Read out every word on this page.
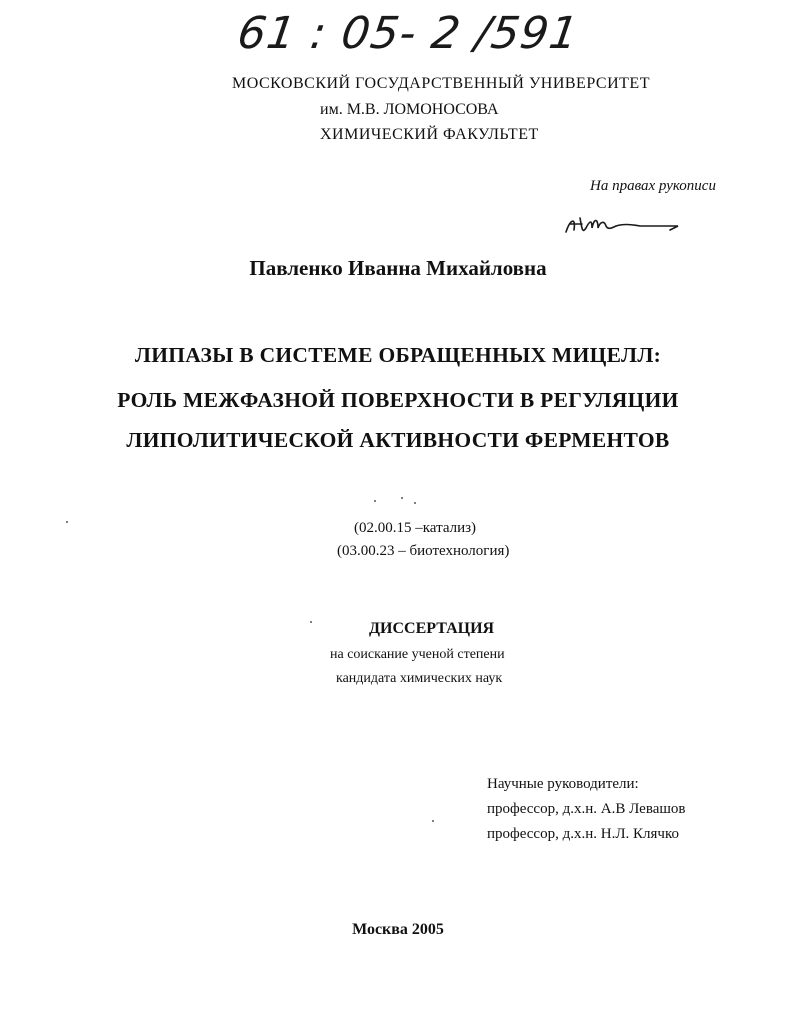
61 : 05- 2 /591
МОСКОВСКИЙ ГОСУДАРСТВЕННЫЙ УНИВЕРСИТЕТ
им. М.В. ЛОМОНОСОВА
ХИМИЧЕСКИЙ ФАКУЛЬТЕТ
На правах рукописи
Павленко Иванна Михайловна
ЛИПАЗЫ В СИСТЕМЕ ОБРАЩЕННЫХ МИЦЕЛЛ:
РОЛЬ МЕЖФАЗНОЙ ПОВЕРХНОСТИ В РЕГУЛЯЦИИ
ЛИПОЛИТИЧЕСКОЙ АКТИВНОСТИ ФЕРМЕНТОВ
(02.00.15 –катализ)
(03.00.23 – биотехнология)
ДИССЕРТАЦИЯ
на соискание ученой степени
кандидата химических наук
Научные руководители:
профессор, д.х.н. А.В Левашов
профессор, д.х.н. Н.Л. Клячко
Москва 2005
